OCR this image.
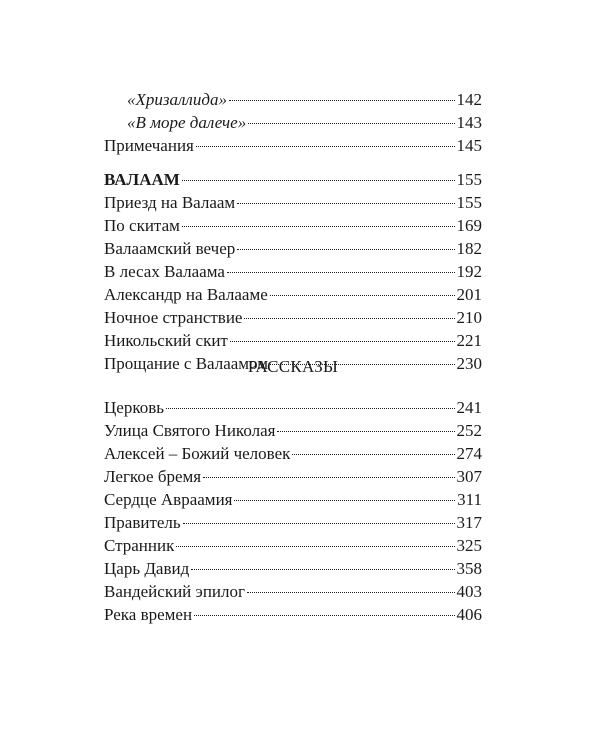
«Хризаллида»	142
«В море далече»	143
Примечания	145
ВАЛААМ	155
Приезд на Валаам	155
По скитам	169
Валаамский вечер	182
В лесах Валаама	192
Александр на Валааме	201
Ночное странствие	210
Никольский скит	221
Прощание с Валаамом	230
РАССКАЗЫ
Церковь	241
Улица Святого Николая	252
Алексей – Божий человек	274
Легкое бремя	307
Сердце Авраамия	311
Правитель	317
Странник	325
Царь Давид	358
Вандейский эпилог	403
Река времен	406
